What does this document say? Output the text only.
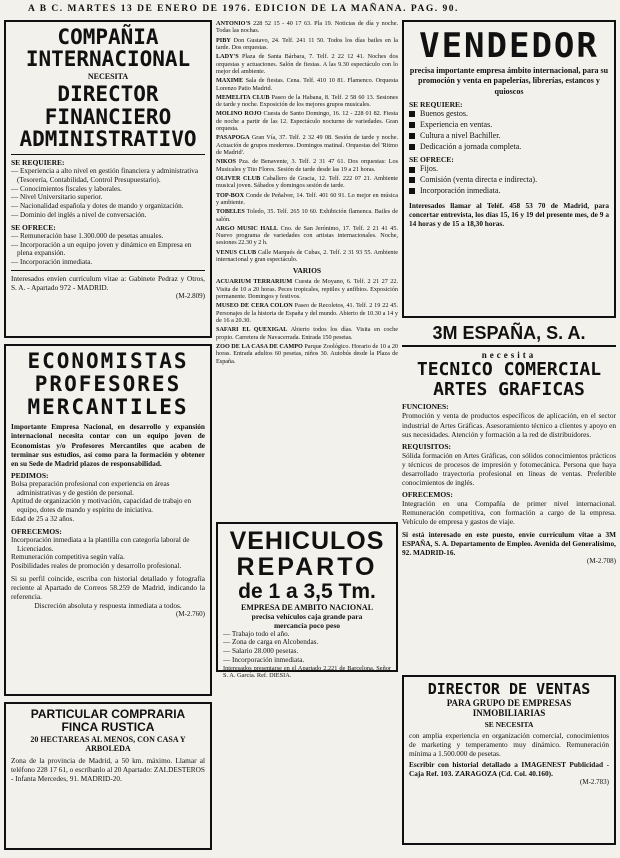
A B C. MARTES 13 DE ENERO DE 1976. EDICION DE LA MAÑANA. PAG. 90.
COMPAÑIA INTERNACIONAL
NECESITA
DIRECTOR FINANCIERO ADMINISTRATIVO
SE REQUIERE:
— Experiencia a alto nivel en gestión financiera y administrativa (Tesorería, Contabilidad, Control Presupuestario).
— Conocimientos fiscales y laborales.
— Nivel Universitario superior.
— Nacionalidad española y dotes de mando y organización.
— Dominio del inglés a nivel de conversación.
SE OFRECE:
— Remuneración base 1.300.000 de pesetas anuales.
— Incorporación a un equipo joven y dinámico en Empresa en plena expansión.
— Incorporación inmediata.
Interesados envíen currículum vitae a: Gabinete Pedraz y Otros, S. A. - Apartado 972 - MADRID.
(M-2.809)
ECONOMISTAS
PROFESORES
MERCANTILES
Importante Empresa Nacional, en desarrollo y expansión internacional necesita contar con un equipo joven de Economistas y/o Profesores Mercantiles que acaben de terminar sus estudios, así como para la formación y obtener en su Sede de Madrid plazos de responsabilidad.
PEDIMOS:
Bolsa preparación profesional con experiencia en áreas administrativas y de gestión de personal.
Aptitud de organización y motivación, capacidad de trabajo en equipo, dotes de mando y espíritu de iniciativa.
Edad de 25 a 32 años.
OFRECEMOS:
Incorporación inmediata a la plantilla con categoría laboral de Licenciados.
Remuneración competitiva según valía.
Posibilidades reales de promoción y desarrollo profesional.
Si su perfil coincide, escriba con historial detallado y fotografía reciente al Apartado de Correos 58.259 de Madrid, indicando la referencia.
Discreción absoluta y respuesta inmediata a todos.
(M-2.760)
PARTICULAR COMPRARIA
FINCA RUSTICA
20 HECTAREAS AL MENOS, CON CASA Y ARBOLEDA
Zona de la provincia de Madrid, a 50 km. máximo. Llamar al teléfono 228 17 61, o escríbanlo al 20 Apartado: ZALDESTEROS - Infanta Mercedes, 91. MADRID-20.
ANTONIO'S 228 52 15 - 40 17 63. Pla 19. Noticias de día y noche. Todas las nochas.
PIBY Don Gustavo, 24. Telf. 241 11 50. Todos los días bailes en la tarde. Dos orquestas.
LADY'S Plaza de Santa Bárbara, 7. Telf. 2 22 12 41. Noches dos orquestas y actuaciones. Salón de fiestas. A las 9.30 espectáculo con lo mejor del ambiente.
MAXIME Sala de fiestas. Cena. Telf. 410 10 81. Flamenco. Orquesta Lorenzo Patio Madrid.
MEMELITA CLUB Paseo de la Habana, 8. Telf. 2 58 60 13. Sesiones de tarde y noche. Exposición de los mejores grupos musicales.
MOLINO ROJO Cuesta de Santo Domingo, 16. 12 - 228 01 82. Fiesta de noche a partir de las 12. Espectáculo nocturno de variedades. Gran orquesta.
PASAPOGA Gran Vía, 37. Telf. 2 32 49 08. Sesión de tarde y noche. Actuación de grupos modernos. Domingos matinal. Orquestas del 'Ritmo de Madrid'.
NIKOS Pza. de Benavente, 3. Telf. 2 31 47 61. Dos orquestas: Los Musicales y Tito Flores. Sesión de tarde desde las 19 a 21 horas.
OLIVER CLUB Caballero de Gracia, 12. Telf. 222 07 21. Ambiente musical joven. Sábados y domingos sesión de tarde.
TOP-BOX Conde de Peñalver, 14. Telf. 401 60 91. Lo mejor en música y ambiente.
TOBELES Toledo, 35. Telf. 265 10 60. Exhibición flamenca. Bailes de salón.
ARGO MUSIC HALL Cno. de San Jerónimo, 17. Telf. 2 21 41 45. Nuevo programa de variedades con artistas internacionales. Noche, sesiones 22.30 y 2 h.
VENUS CLUB Calle Marqués de Cubas, 2. Telf. 2 31 93 55. Ambiente internacional y gran espectáculo.
VARIOS
ACUARIUM TERRARIUM Cuesta de Moyano, 6. Telf. 2 21 27 22. Visita de 10 a 20 horas. Peces tropicales, reptiles y anfibios. Exposición permanente. Domingos y festivos.
MUSEO DE CERA COLON Paseo de Recoletos, 41. Telf. 2 19 22 45. Personajes de la historia de España y del mundo. Abierto de 10.30 a 14 y de 16 a 20.30.
SAFARI EL QUEXIGAL Abierto todos los días. Visita en coche propio. Carretera de Navacerrada. Entrada 150 pesetas.
ZOO DE LA CASA DE CAMPO Parque Zoológico. Horario de 10 a 20 horas. Entrada adultos 60 pesetas, niños 30. Autobús desde la Plaza de España.
VEHICULOS
REPARTO
de 1 a 3,5 Tm.
EMPRESA DE AMBITO NACIONAL
precisa vehículos caja grande para
mercancía poco peso
— Trabajo todo el año.
— Zona de carga en Alcobendas.
— Salario 28.000 pesetas.
— Incorporación inmediata.
Interesados presentarse en el Apartado 2.221 de Barcelona. Señor S. A. García. Ref. DIESIA.
VENDEDOR
precisa importante empresa ámbito internacional, para su promoción y venta en papelerías, librerías, estancos y quioscos
SE REQUIERE:
Buenos gestos.
Experiencia en ventas.
Cultura a nivel Bachiller.
Dedicación a jornada completa.
SE OFRECE:
Fijos.
Comisión (venta directa e indirecta).
Incorporación inmediata.
Interesados llamar al Teléf. 458 53 70 de Madrid, para concertar entrevista, los días 15, 16 y 19 del presente mes, de 9 a 14 horas y de 15 a 18,30 horas.
3M ESPAÑA, S. A.
necesita
TECNICO COMERCIAL
ARTES GRAFICAS
FUNCIONES:
Promoción y venta de productos específicos de aplicación, en el sector industrial de Artes Gráficas. Asesoramiento técnico a clientes y apoyo en sus necesidades. Atención y formación a la red de distribuidores.
REQUISITOS:
Sólida formación en Artes Gráficas, con sólidos conocimientos prácticos y técnicos de procesos de impresión y fotomecánica. Persona que haya desarrollado trayectoria profesional en líneas de ventas. Preferible conocimientos de inglés.
OFRECEMOS:
Integración en una Compañía de primer nivel internacional. Remuneración competitiva, con formación a cargo de la empresa. Vehículo de empresa y gastos de viaje.
Si está interesado en este puesto, envíe currículum vitae a 3M ESPAÑA, S. A. Departamento de Empleo. Avenida del Generalísimo, 92. MADRID-16.
(M-2.708)
DIRECTOR DE VENTAS
PARA GRUPO DE EMPRESAS
INMOBILIARIAS
SE NECESITA
con amplia experiencia en organización comercial, conocimientos de marketing y temperamento muy dinámico. Remuneración mínima a 1.500.000 de pesetas.
Escribir con historial detallado a IMAGENEST Publicidad - Caja Ref. 103. ZARAGOZA (Cd. Col. 40.160).
(M-2.783)
